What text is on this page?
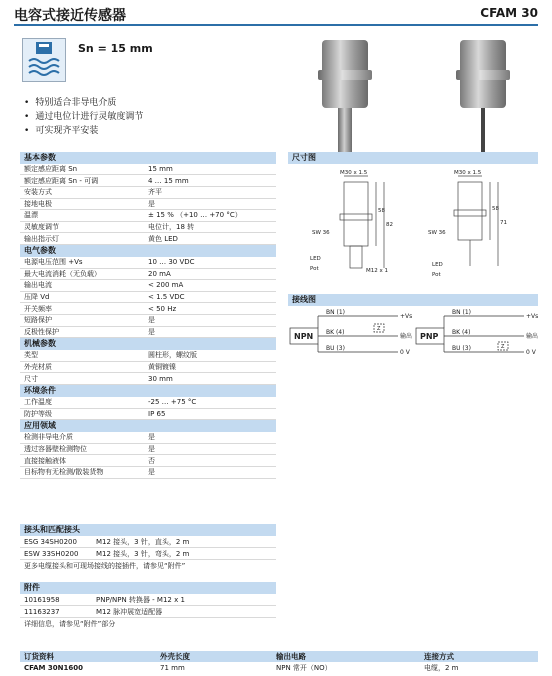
电容式接近传感器	CFAM 30
Sn = 15 mm
• 特别适合非导电介质
• 通过电位计进行灵敏度调节
• 可实现齐平安装
基本参数
额定感应距离 Sn	15 mm
额定感应距离 Sn - 可调	4 … 15 mm
安装方式	齐平
接地电极	是
温漂	± 15 % （+10 … +70 °C）
灵敏度调节	电位计，18 转
输出指示灯	黄色 LED
电气参数
电源电压范围 +Vs	10 … 30 VDC
最大电流消耗（无负载）	20 mA
输出电流	< 200 mA
压降 Vd	< 1.5 VDC
开关频率	< 50 Hz
短路保护	是
反极性保护	是
机械参数
类型	圆柱形，螺纹版
外壳材质	黄铜镀镍
尺寸	30 mm
环境条件
工作温度	-25 … +75 °C
防护等级	IP 65
应用领域
检测非导电介质	是
透过容器壁检测物位	是
直接接触液体	否
目标物有无检测/散装货物	是
尺寸图
M30 x 1.5
SW 36
LED
Pot	M12 x 1
58
82
M30 x 1.5
SW 36
LED
Pot
58
71
接线图
NPN
BN (1)
BK (4)
BU (3)
Z
+Vs
输出
0 V
PNP
BN (1)
BK (4)
BU (3)	Z
+Vs
输出
0 V
接头和匹配接头
ESG 34SH0200	M12 接头，3 针，直头，2 m
ESW 33SH0200	M12 接头，3 针，弯头，2 m
更多电缆接头和可现场接线的接插件，请参见“附件”
附件
10161958	PNP/NPN 转换器 - M12 x 1
11163237	M12 脉冲展宽适配器
详细信息，请参见“附件”部分
订货资料	外壳长度	输出电路	连接方式
CFAM 30N1600	71 mm	NPN 常开（NO）	电缆，2 m
